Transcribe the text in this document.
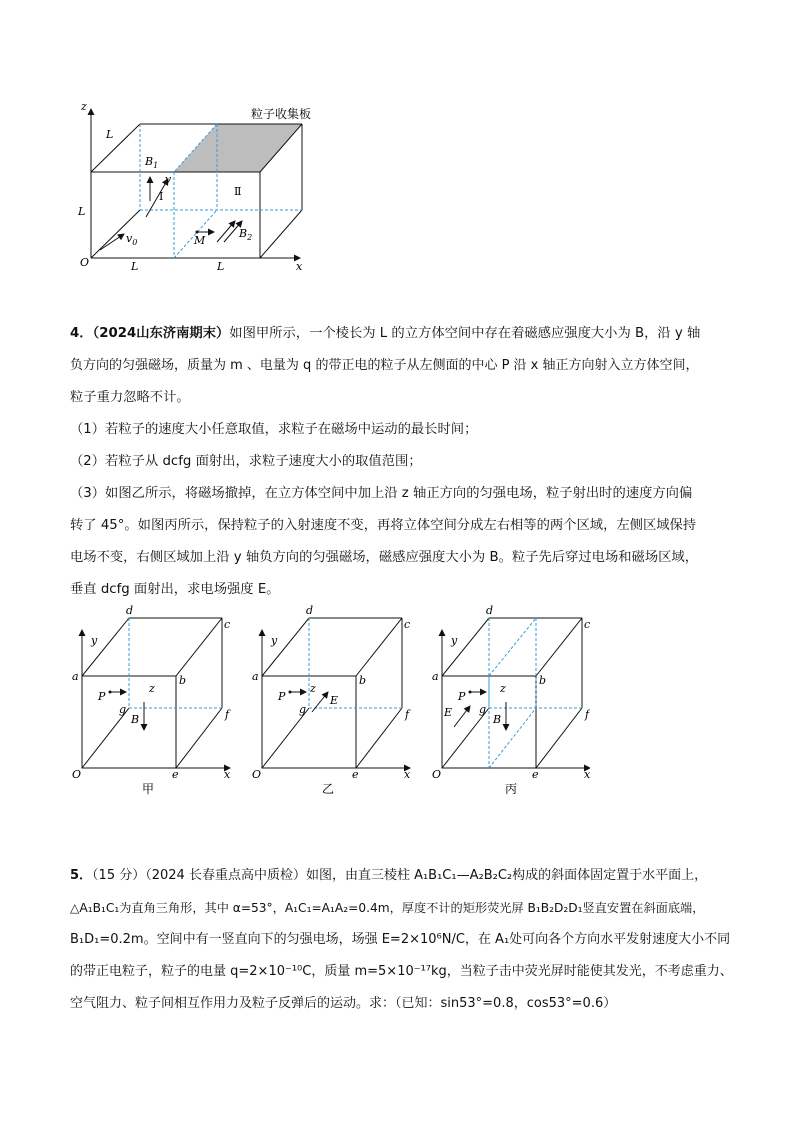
粒子收集板
z
x
O
L
L
L	L
$B_1$
v
I	Ⅱ
$v_0$	M
$B_2$

4．（2024山东济南期末）如图甲所示，一个棱长为 L 的立方体空间中存在着磁感应强度大小为 B，沿 y 轴

负方向的匀强磁场，质量为 m 、电量为 q 的带正电的粒子从左侧面的中心 P 沿 x 轴正方向射入立方体空间，

粒子重力忽略不计。

（1）若粒子的速度大小任意取值，求粒子在磁场中运动的最长时间；

（2）若粒子从 dcfg 面射出，求粒子速度大小的取值范围；

（3）如图乙所示，将磁场撤掉，在立方体空间中加上沿 z 轴正方向的匀强电场，粒子射出时的速度方向偏

转了 45°。如图丙所示，保持粒子的入射速度不变，再将立体空间分成左右相等的两个区域，左侧区域保持

电场不变，右侧区域加上沿 y 轴负方向的匀强磁场，磁感应强度大小为 B。粒子先后穿过电场和磁场区域，

垂直 dcfg 面射出，求电场强度 E。

d
c
a	b
f
g
e	x
y
z
O
P
B
甲
d
c
a	b
f
g
e	x
y
z
O
P	E
乙
d
c
a	b
f
g
e	x
y
z
O
P
E
B
丙

5．（15 分）（2024 长春重点高中质检）如图，由直三棱柱 A₁B₁C₁—A₂B₂C₂构成的斜面体固定置于水平面上，

△A₁B₁C₁为直角三角形，其中 α=53°，A₁C₁=A₁A₂=0.4m，厚度不计的矩形荧光屏 B₁B₂D₂D₁竖直安置在斜面底端，

B₁D₁=0.2m。空间中有一竖直向下的匀强电场，场强 E=2×10⁶N/C，在 A₁处可向各个方向水平发射速度大小不同

的带正电粒子，粒子的电量 q=2×10⁻¹⁰C，质量 m=5×10⁻¹⁷kg，当粒子击中荧光屏时能使其发光，不考虑重力、

空气阻力、粒子间相互作用力及粒子反弹后的运动。求：（已知：sin53°=0.8，cos53°=0.6）
